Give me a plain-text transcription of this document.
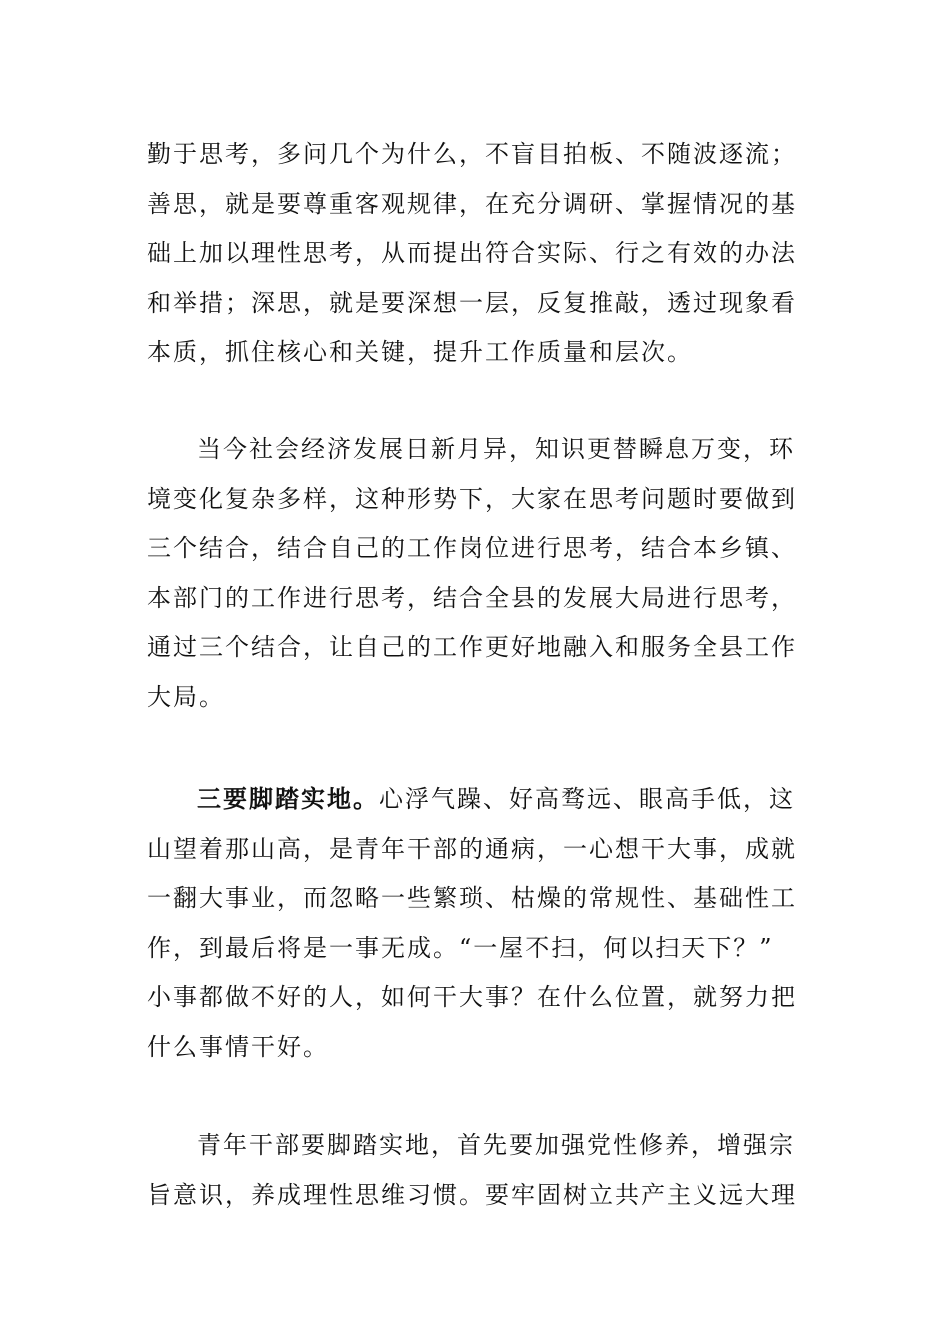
勤于思考，多问几个为什么，不盲目拍板、不随波逐流；
善思，就是要尊重客观规律，在充分调研、掌握情况的基
础上加以理性思考，从而提出符合实际、行之有效的办法
和举措；深思，就是要深想一层，反复推敲，透过现象看
本质，抓住核心和关键，提升工作质量和层次。
当今社会经济发展日新月异，知识更替瞬息万变，环
境变化复杂多样，这种形势下，大家在思考问题时要做到
三个结合，结合自己的工作岗位进行思考，结合本乡镇、
本部门的工作进行思考，结合全县的发展大局进行思考，
通过三个结合，让自己的工作更好地融入和服务全县工作
大局。
三要脚踏实地。心浮气躁、好高骛远、眼高手低，这
山望着那山高，是青年干部的通病，一心想干大事，成就
一翻大事业，而忽略一些繁琐、枯燥的常规性、基础性工
作，到最后将是一事无成。“一屋不扫，何以扫天下？”
小事都做不好的人，如何干大事？在什么位置，就努力把
什么事情干好。
青年干部要脚踏实地，首先要加强党性修养，增强宗
旨意识，养成理性思维习惯。要牢固树立共产主义远大理
